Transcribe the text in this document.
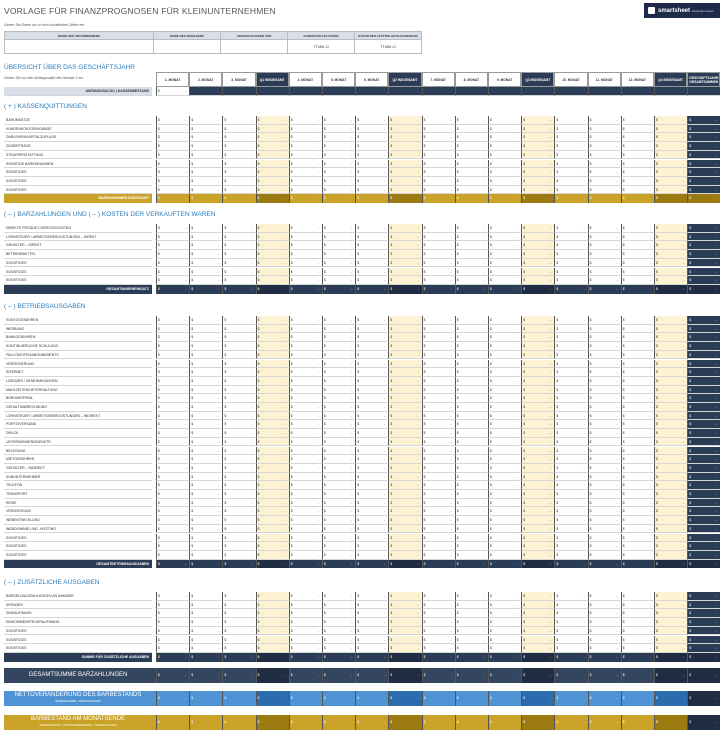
VORLAGE FÜR FINANZPROGNOSEN FÜR KLEINUNTERNEHMEN	smartsheet kostenlos testen
Geben Sie Daten nur in nicht schattierten Zellen ein.
NAME DES UNTERNEHMENS	NAME DES MANAGERS	ABGESCHLOSSEN VON	DARGESTELLTE DATEN	DATUM DER LETZTEN AKTUALISIERUNG
			TT.MM.JJ	TT.MM.JJ
ÜBERSICHT ÜBER DAS GESCHÄFTSJAHR
Geben Sie nur den Anfangssaldo des Monats 1 ein.	1. MONAT	2. MONAT	3. MONAT	Q1 INSGESAMT	4. MONAT	5. MONAT	6. MONAT	Q2 INSGESAMT	7. MONAT	8. MONAT	9. MONAT	Q3 INSGESAMT	10. MONAT	11. MONAT	12. MONAT	Q4 INSGESAMT	GESCHÄFTSJAHR GESAMTSUMMEN
ANFANGSSALDO | KASSENBESTAND	$	-
( + ) KASSENQUITTUNGEN
BARUMSÄTZE	$	- $	- $	- $	- $	- $	- $	- $	- $	- $	- $	- $	- $	- $	- $	- $	- $	-
KUNDENKONTOEINGÄNGE	$	- $	- $	- $	- $	- $	- $	- $	- $	- $	- $	- $	- $	- $	- $	- $	- $	-
DARLEHEN/KAPITALZUFLUSS	$	- $	- $	- $	- $	- $	- $	- $	- $	- $	- $	- $	- $	- $	- $	- $	- $	-
ZINSERTRÄGE	$	- $	- $	- $	- $	- $	- $	- $	- $	- $	- $	- $	- $	- $	- $	- $	- $	-
STEUERERSTATTUNG	$	- $	- $	- $	- $	- $	- $	- $	- $	- $	- $	- $	- $	- $	- $	- $	- $	-
SONSTIGE BAREINNAHMEN	$	- $	- $	- $	- $	- $	- $	- $	- $	- $	- $	- $	- $	- $	- $	- $	- $	-
SONSTIGES	$	- $	- $	- $	- $	- $	- $	- $	- $	- $	- $	- $	- $	- $	- $	- $	- $	-
SONSTIGES	$	- $	- $	- $	- $	- $	- $	- $	- $	- $	- $	- $	- $	- $	- $	- $	- $	-
SONSTIGES	$	- $	- $	- $	- $	- $	- $	- $	- $	- $	- $	- $	- $	- $	- $	- $	- $	-
BAREINNAHMEN INSGESAMT	$	- $	- $	- $	- $	- $	- $	- $	- $	- $	- $	- $	- $	- $	- $	- $	- $	-
( – ) BARZAHLUNGEN UND ( – ) KOSTEN DER VERKAUFTEN WAREN
DIREKTE PRODUKT-/SERVICEKOSTEN	$	- $	- $	- $	- $	- $	- $	- $	- $	- $	- $	- $	- $	- $	- $	- $	- $	-
LÖHNSTEUER / ARBEITGEBERLEISTUNGEN – DIREKT	$	- $	- $	- $	- $	- $	- $	- $	- $	- $	- $	- $	- $	- $	- $	- $	- $	-
GEHÄLTER – DIREKT	$	- $	- $	- $	- $	- $	- $	- $	- $	- $	- $	- $	- $	- $	- $	- $	- $	-
BETRIEBSMITTEL	$	- $	- $	- $	- $	- $	- $	- $	- $	- $	- $	- $	- $	- $	- $	- $	- $	-
SONSTIGES	$	- $	- $	- $	- $	- $	- $	- $	- $	- $	- $	- $	- $	- $	- $	- $	- $	-
SONSTIGES	$	- $	- $	- $	- $	- $	- $	- $	- $	- $	- $	- $	- $	- $	- $	- $	- $	-
SONSTIGES	$	- $	- $	- $	- $	- $	- $	- $	- $	- $	- $	- $	- $	- $	- $	- $	- $	-
GESAMTWARENEINSATZ	$	- $	- $	- $	- $	- $	- $	- $	- $	- $	- $	- $	- $	- $	- $	- $	- $	-
( – ) BETRIEBSAUSGABEN
KONTOGEBÜHREN	$	- $	- $	- $	- $	- $	- $	- $	- $	- $	- $	- $	- $	- $	- $	- $	- $	-
WERBUNG	$	- $	- $	- $	- $	- $	- $	- $	- $	- $	- $	- $	- $	- $	- $	- $	- $	-
BANKGEBÜHREN	$	- $	- $	- $	- $	- $	- $	- $	- $	- $	- $	- $	- $	- $	- $	- $	- $	-
KONTINUIERLICHE SCHULUNG	$	- $	- $	- $	- $	- $	- $	- $	- $	- $	- $	- $	- $	- $	- $	- $	- $	-
FÄLLIGKEITEN/ABONNEMENTS	$	- $	- $	- $	- $	- $	- $	- $	- $	- $	- $	- $	- $	- $	- $	- $	- $	-
VERSICHERUNG	$	- $	- $	- $	- $	- $	- $	- $	- $	- $	- $	- $	- $	- $	- $	- $	- $	-
INTERNET	$	- $	- $	- $	- $	- $	- $	- $	- $	- $	- $	- $	- $	- $	- $	- $	- $	-
LIZENZEN / GENEHMIGUNGEN	$	- $	- $	- $	- $	- $	- $	- $	- $	- $	- $	- $	- $	- $	- $	- $	- $	-
MAHLZEITEN/UNTERHALTUNG	$	- $	- $	- $	- $	- $	- $	- $	- $	- $	- $	- $	- $	- $	- $	- $	- $	-
BÜROMATERIAL	$	- $	- $	- $	- $	- $	- $	- $	- $	- $	- $	- $	- $	- $	- $	- $	- $	-
GEHALTSABRECHNUNG	$	- $	- $	- $	- $	- $	- $	- $	- $	- $	- $	- $	- $	- $	- $	- $	- $	-
LÖHNSTEUER / ARBEITGEBERLEISTUNGEN – INDIREKT	$	- $	- $	- $	- $	- $	- $	- $	- $	- $	- $	- $	- $	- $	- $	- $	- $	-
PORTO/VERSAND	$	- $	- $	- $	- $	- $	- $	- $	- $	- $	- $	- $	- $	- $	- $	- $	- $	-
DRUCK	$	- $	- $	- $	- $	- $	- $	- $	- $	- $	- $	- $	- $	- $	- $	- $	- $	-
UNTERNEHMENSDIENSTE	$	- $	- $	- $	- $	- $	- $	- $	- $	- $	- $	- $	- $	- $	- $	- $	- $	-
BELEGUNG	$	- $	- $	- $	- $	- $	- $	- $	- $	- $	- $	- $	- $	- $	- $	- $	- $	-
MIETGEBÜHREN	$	- $	- $	- $	- $	- $	- $	- $	- $	- $	- $	- $	- $	- $	- $	- $	- $	-
GEHÄLTER – INDIREKT	$	- $	- $	- $	- $	- $	- $	- $	- $	- $	- $	- $	- $	- $	- $	- $	- $	-
SUBUNTERNEHMER	$	- $	- $	- $	- $	- $	- $	- $	- $	- $	- $	- $	- $	- $	- $	- $	- $	-
TELEFON	$	- $	- $	- $	- $	- $	- $	- $	- $	- $	- $	- $	- $	- $	- $	- $	- $	-
TRANSPORT	$	- $	- $	- $	- $	- $	- $	- $	- $	- $	- $	- $	- $	- $	- $	- $	- $	-
REISE	$	- $	- $	- $	- $	- $	- $	- $	- $	- $	- $	- $	- $	- $	- $	- $	- $	-
VERSORGUNG	$	- $	- $	- $	- $	- $	- $	- $	- $	- $	- $	- $	- $	- $	- $	- $	- $	-
WEBENTWICKLUNG	$	- $	- $	- $	- $	- $	- $	- $	- $	- $	- $	- $	- $	- $	- $	- $	- $	-
WEBDOMÄNE UND -HOSTING	$	- $	- $	- $	- $	- $	- $	- $	- $	- $	- $	- $	- $	- $	- $	- $	- $	-
SONSTIGES	$	- $	- $	- $	- $	- $	- $	- $	- $	- $	- $	- $	- $	- $	- $	- $	- $	-
SONSTIGES	$	- $	- $	- $	- $	- $	- $	- $	- $	- $	- $	- $	- $	- $	- $	- $	- $	-
SONSTIGES	$	- $	- $	- $	- $	- $	- $	- $	- $	- $	- $	- $	- $	- $	- $	- $	- $	-
GESAMTBETRIEBSAUSGABEN	$	- $	- $	- $	- $	- $	- $	- $	- $	- $	- $	- $	- $	- $	- $	- $	- $	-
( – ) ZUSÄTZLICHE AUSGABEN
BARGELDAUSZAHLUNGEN AN INHABER	$	- $	- $	- $	- $	- $	- $	- $	- $	- $	- $	- $	- $	- $	- $	- $	- $	-
SPENDEN	$	- $	- $	- $	- $	- $	- $	- $	- $	- $	- $	- $	- $	- $	- $	- $	- $	-
ZINSAUFWAND	$	- $	- $	- $	- $	- $	- $	- $	- $	- $	- $	- $	- $	- $	- $	- $	- $	-
EINKOMMENSTEUERAUFWAND	$	- $	- $	- $	- $	- $	- $	- $	- $	- $	- $	- $	- $	- $	- $	- $	- $	-
SONSTIGES	$	- $	- $	- $	- $	- $	- $	- $	- $	- $	- $	- $	- $	- $	- $	- $	- $	-
SONSTIGES	$	- $	- $	- $	- $	- $	- $	- $	- $	- $	- $	- $	- $	- $	- $	- $	- $	-
SONSTIGES	$	- $	- $	- $	- $	- $	- $	- $	- $	- $	- $	- $	- $	- $	- $	- $	- $	-
SUMME FÜR ZUSÄTZLICHE AUSGABEN	$	- $	- $	- $	- $	- $	- $	- $	- $	- $	- $	- $	- $	- $	- $	- $	- $	-
GESAMTSUMME BARZAHLUNGEN	$	- $	- $	- $	- $	- $	- $	- $	- $	- $	- $	- $	- $	- $	- $	- $	- $	-
NETTOVERÄNDERUNG DES BARBESTANDS
BAREINNAHMEN – BARZAHLUNGEN
$	- $	- $	- $	- $	- $	- $	- $	- $	- $	- $	- $	- $	- $	- $	- $	- $	-
BARBESTAND AM MONATSENDE
ANFANGSSALDO + NETTOVERÄNDERUNG – BARZAHLUNGEN
$	- $	- $	- $	- $	- $	- $	- $	- $	- $	- $	- $	- $	- $	- $	- $	- $	-
